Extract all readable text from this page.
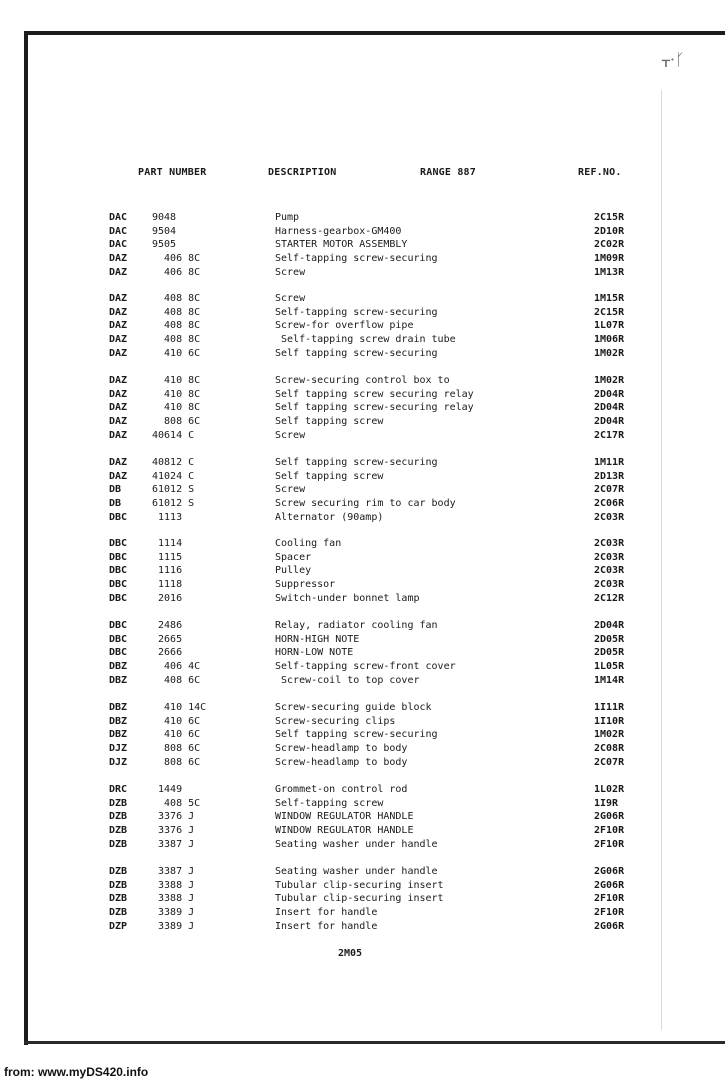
ᚁ·ᚴ
PART NUMBER	DESCRIPTION	RANGE 887	REF.NO.
DAC 9048	Pump	2C15R
DAC 9504	Harness-gearbox-GM400	2D10R
DAC 9505	STARTER MOTOR ASSEMBLY	2C02R
DAZ 406 8C	Self-tapping screw-securing	1M09R
DAZ 406 8C	Screw	1M13R
DAZ 408 8C	Screw	1M15R
DAZ 408 8C	Self-tapping screw-securing	2C15R
DAZ 408 8C	Screw-for overflow pipe	1L07R
DAZ 408 8C	Self-tapping screw drain tube	1M06R
DAZ 410 6C	Self tapping screw-securing	1M02R
DAZ 410 8C	Screw-securing control box to	1M02R
DAZ 410 8C	Self tapping screw securing relay	2D04R
DAZ 410 8C	Self tapping screw-securing relay	2D04R
DAZ 808 6C	Self tapping screw	2D04R
DAZ 40614 C	Screw	2C17R
DAZ 40812 C	Self tapping screw-securing	1M11R
DAZ 41024 C	Self tapping screw	2D13R
DB	61012 S	Screw	2C07R
DB	61012 S	Screw securing rim to car body	2C06R
DBC 1113	Alternator (90amp)	2C03R
DBC 1114	Cooling fan	2C03R
DBC 1115	Spacer	2C03R
DBC 1116	Pulley	2C03R
DBC 1118	Suppressor	2C03R
DBC 2016	Switch-under bonnet lamp	2C12R
DBC 2486	Relay, radiator cooling fan	2D04R
DBC 2665	HORN-HIGH NOTE	2D05R
DBC 2666	HORN-LOW NOTE	2D05R
DBZ 406 4C	Self-tapping screw-front cover	1L05R
DBZ 408 6C	Screw-coil to top cover	1M14R
DBZ 410 14C	Screw-securing guide block	1I11R
DBZ 410 6C	Screw-securing clips	1I10R
DBZ 410 6C	Self tapping screw-securing	1M02R
DJZ 808 6C	Screw-headlamp to body	2C08R
DJZ 808 6C	Screw-headlamp to body	2C07R
DRC 1449	Grommet-on control rod	1L02R
DZB 408 5C	Self-tapping screw	1I9R
DZB 3376 J	WINDOW REGULATOR HANDLE	2G06R
DZB 3376 J	WINDOW REGULATOR HANDLE	2F10R
DZB 3387 J	Seating washer under handle	2F10R
DZB 3387 J	Seating washer under handle	2G06R
DZB 3388 J	Tubular clip-securing insert	2G06R
DZB 3388 J	Tubular clip-securing insert	2F10R
DZB 3389 J	Insert for handle	2F10R
DZP 3389 J	Insert for handle	2G06R
2M05
from: www.myDS420.info
